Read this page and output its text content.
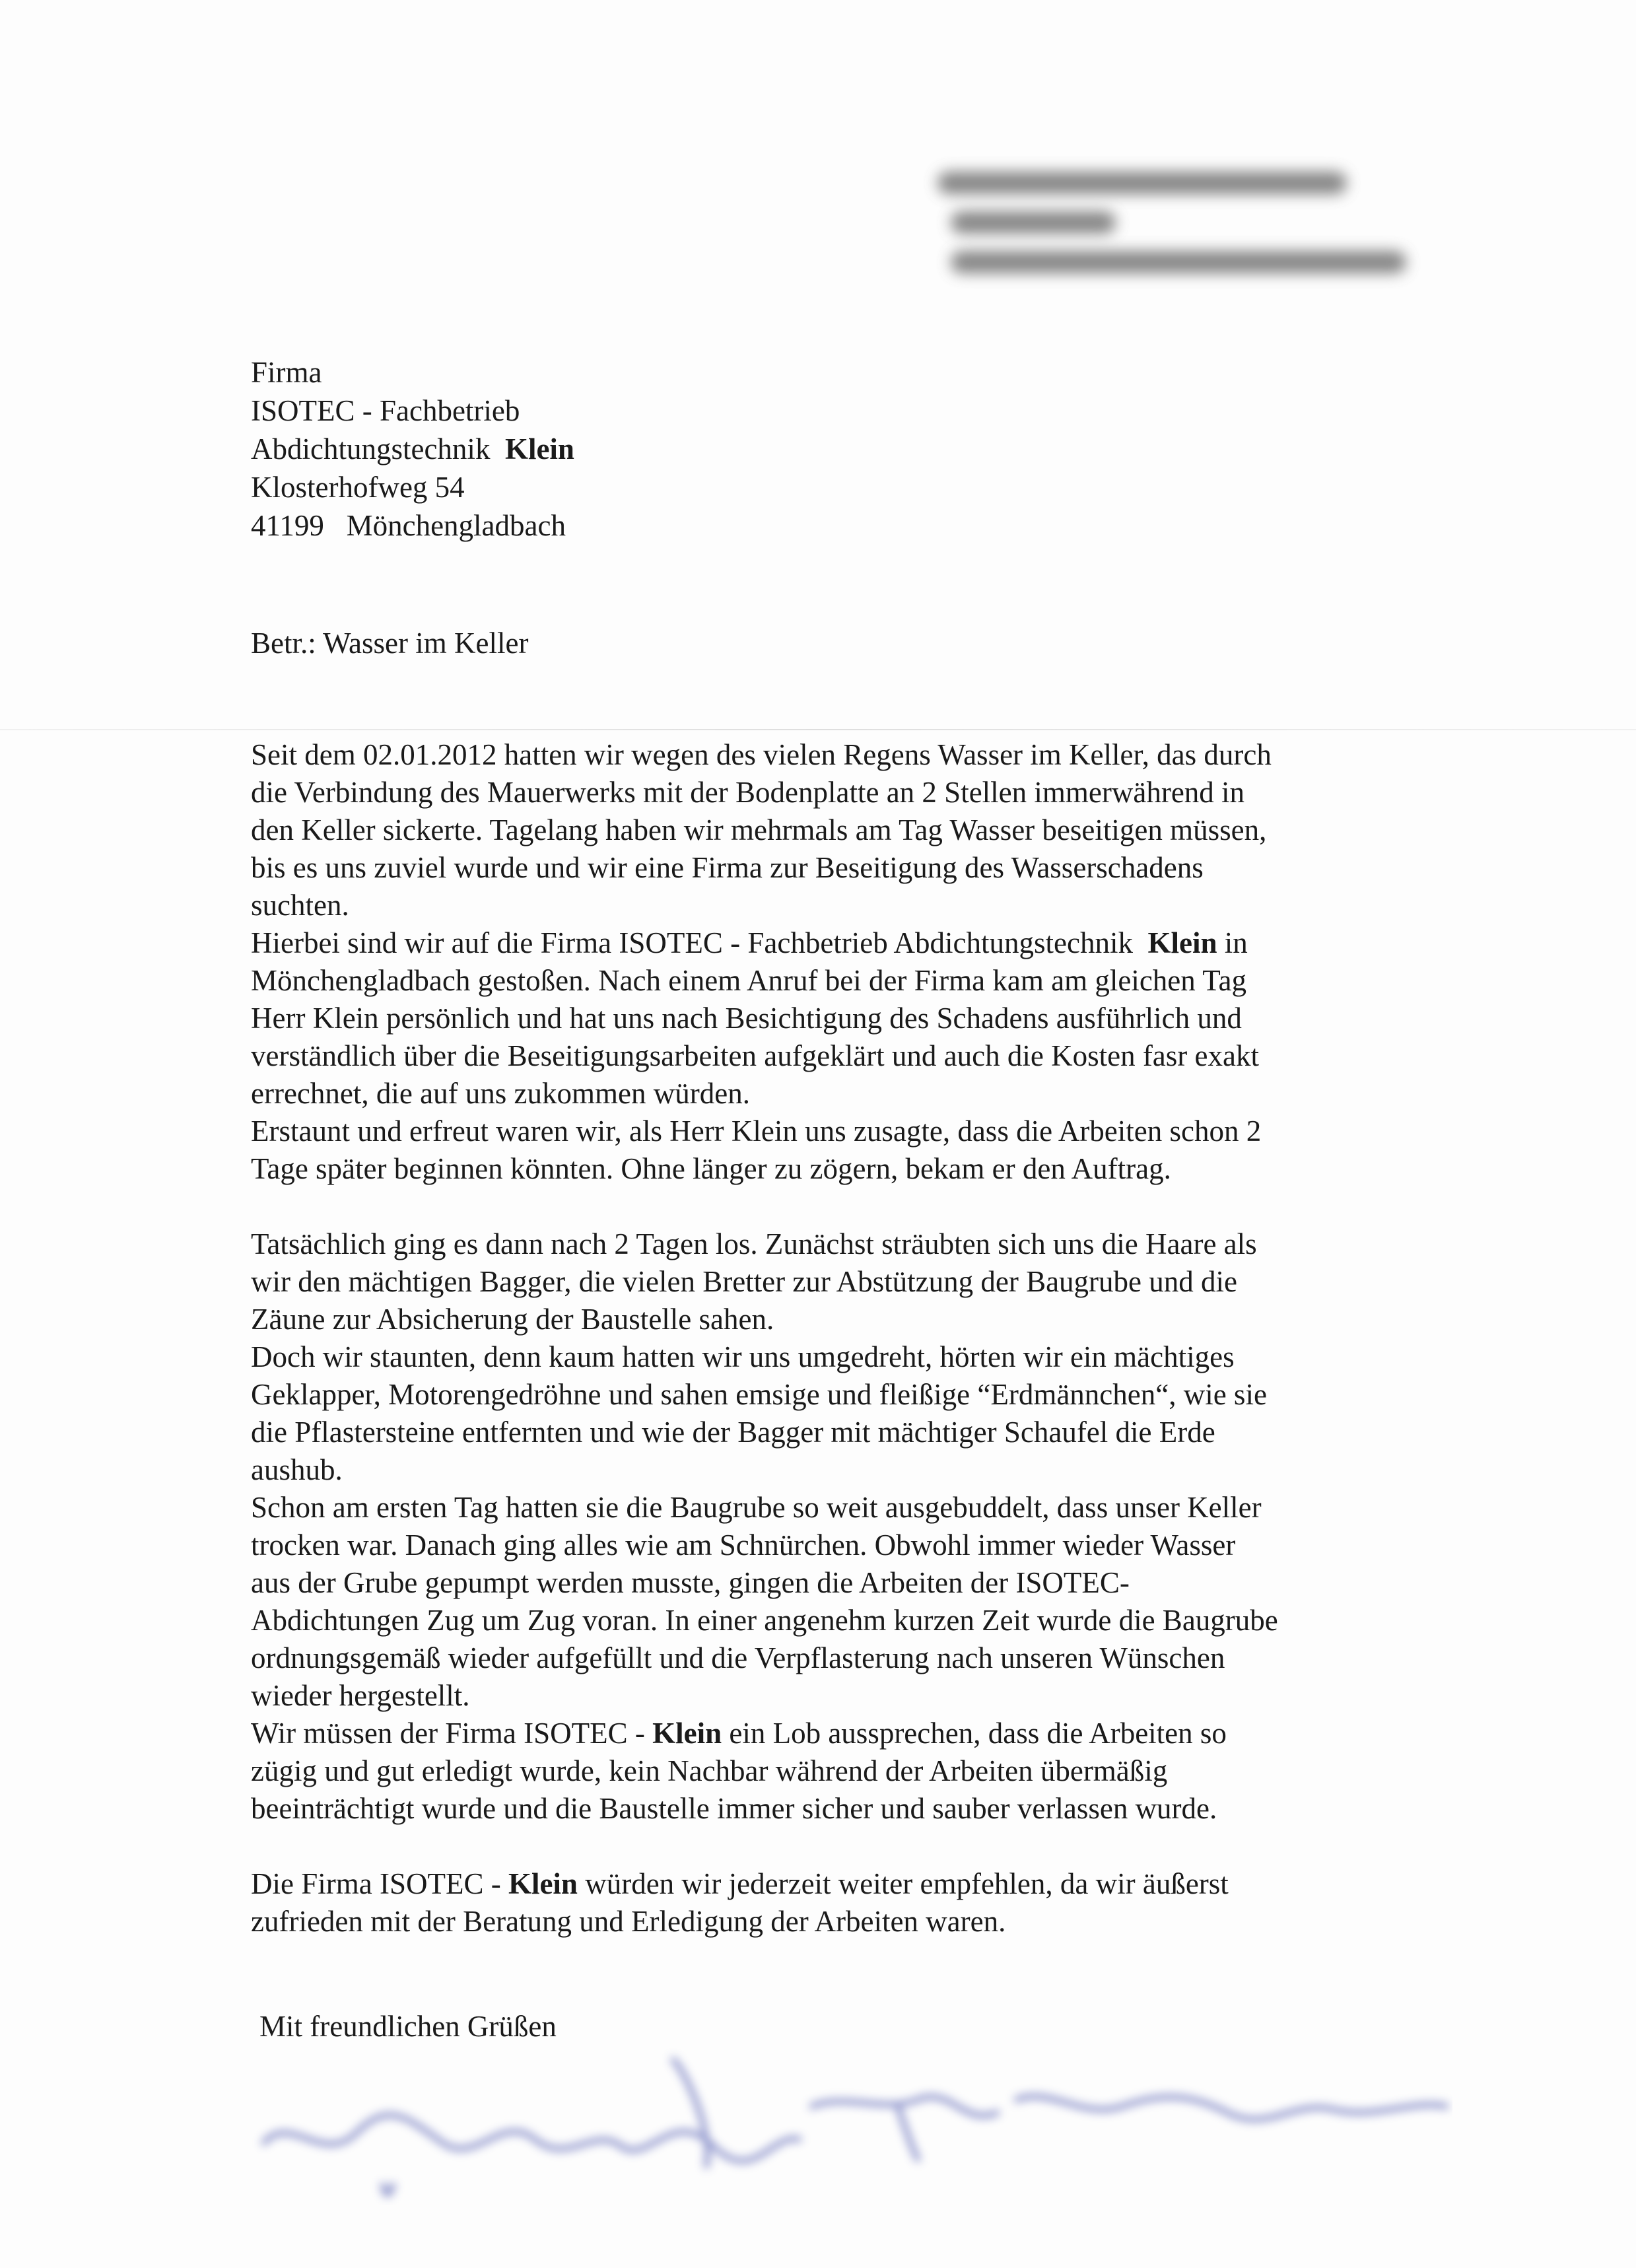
Firma
ISOTEC - Fachbetrieb
Abdichtungstechnik Klein
Klosterhofweg 54
41199 Mönchengladbach
Betr.: Wasser im Keller
Seit dem 02.01.2012 hatten wir wegen des vielen Regens Wasser im Keller, das durch
die Verbindung des Mauerwerks mit der Bodenplatte an 2 Stellen immerwährend in
den Keller sickerte. Tagelang haben wir mehrmals am Tag Wasser beseitigen müssen,
bis es uns zuviel wurde und wir eine Firma zur Beseitigung des Wasserschadens
suchten.
Hierbei sind wir auf die Firma ISOTEC - Fachbetrieb Abdichtungstechnik Klein in
Mönchengladbach gestoßen. Nach einem Anruf bei der Firma kam am gleichen Tag
Herr Klein persönlich und hat uns nach Besichtigung des Schadens ausführlich und
verständlich über die Beseitigungsarbeiten aufgeklärt und auch die Kosten fasr exakt
errechnet, die auf uns zukommen würden.
Erstaunt und erfreut waren wir, als Herr Klein uns zusagte, dass die Arbeiten schon 2
Tage später beginnen könnten. Ohne länger zu zögern, bekam er den Auftrag.
Tatsächlich ging es dann nach 2 Tagen los. Zunächst sträubten sich uns die Haare als
wir den mächtigen Bagger, die vielen Bretter zur Abstützung der Baugrube und die
Zäune zur Absicherung der Baustelle sahen.
Doch wir staunten, denn kaum hatten wir uns umgedreht, hörten wir ein mächtiges
Geklapper, Motorengedröhne und sahen emsige und fleißige “Erdmännchen“, wie sie
die Pflastersteine entfernten und wie der Bagger mit mächtiger Schaufel die Erde
aushub.
Schon am ersten Tag hatten sie die Baugrube so weit ausgebuddelt, dass unser Keller
trocken war. Danach ging alles wie am Schnürchen. Obwohl immer wieder Wasser
aus der Grube gepumpt werden musste, gingen die Arbeiten der ISOTEC-
Abdichtungen Zug um Zug voran. In einer angenehm kurzen Zeit wurde die Baugrube
ordnungsgemäß wieder aufgefüllt und die Verpflasterung nach unseren Wünschen
wieder hergestellt.
Wir müssen der Firma ISOTEC - Klein ein Lob aussprechen, dass die Arbeiten so
zügig und gut erledigt wurde, kein Nachbar während der Arbeiten übermäßig
beeinträchtigt wurde und die Baustelle immer sicher und sauber verlassen wurde.
Die Firma ISOTEC - Klein würden wir jederzeit weiter empfehlen, da wir äußerst
zufrieden mit der Beratung und Erledigung der Arbeiten waren.
Mit freundlichen Grüßen
